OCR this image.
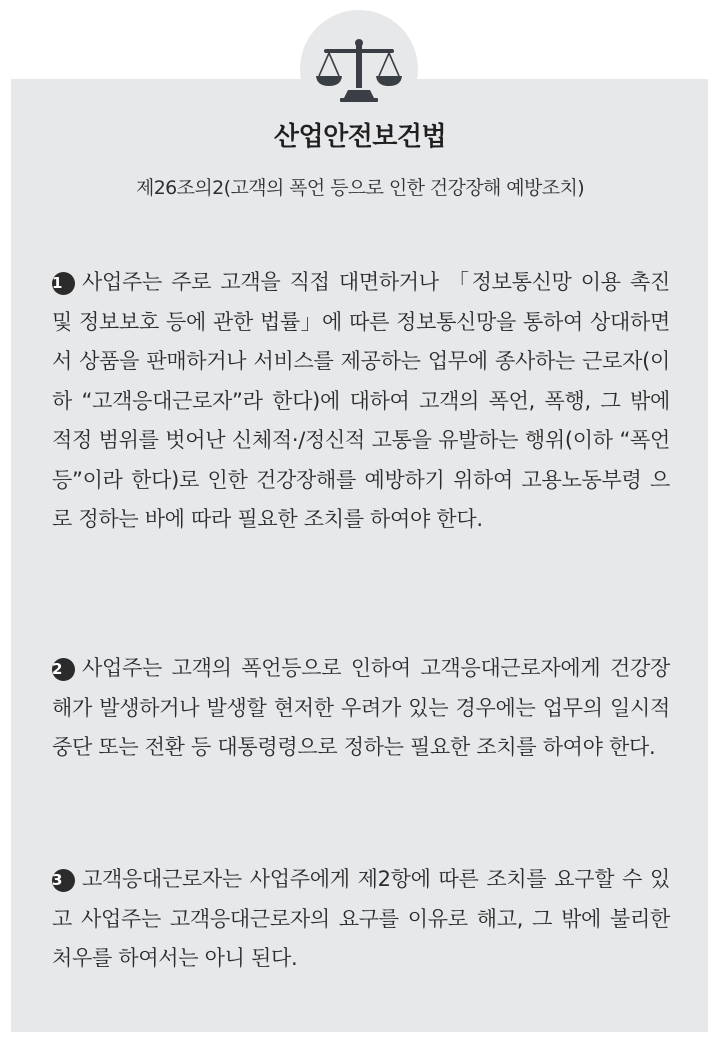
산업안전보건법
제26조의2(고객의 폭언 등으로 인한 건강장해 예방조치)
1 사업주는 주로 고객을 직접 대면하거나 「정보통신망 이용 촉진 및 정보보호 등에 관한 법률」에 따른 정보통신망을 통하여 상대하면서 상품을 판매하거나 서비스를 제공하는 업무에 종사하는 근로자(이하 “고객응대근로자”라 한다)에 대하여 고객의 폭언, 폭행, 그 밖에 적정 범위를 벗어난 신체적·/정신적 고통을 유발하는 행위(이하 “폭언 등”이라 한다)로 인한 건강장해를 예방하기 위하여 고용노동부령 으로 정하는 바에 따라 필요한 조치를 하여야 한다.
2 사업주는 고객의 폭언등으로 인하여 고객응대근로자에게 건강장해가 발생하거나 발생할 현저한 우려가 있는 경우에는 업무의 일시적 중단 또는 전환 등 대통령령으로 정하는 필요한 조치를 하여야 한다.
3 고객응대근로자는 사업주에게 제2항에 따른 조치를 요구할 수 있고 사업주는 고객응대근로자의 요구를 이유로 해고, 그 밖에 불리한 처우를 하여서는 아니 된다.
